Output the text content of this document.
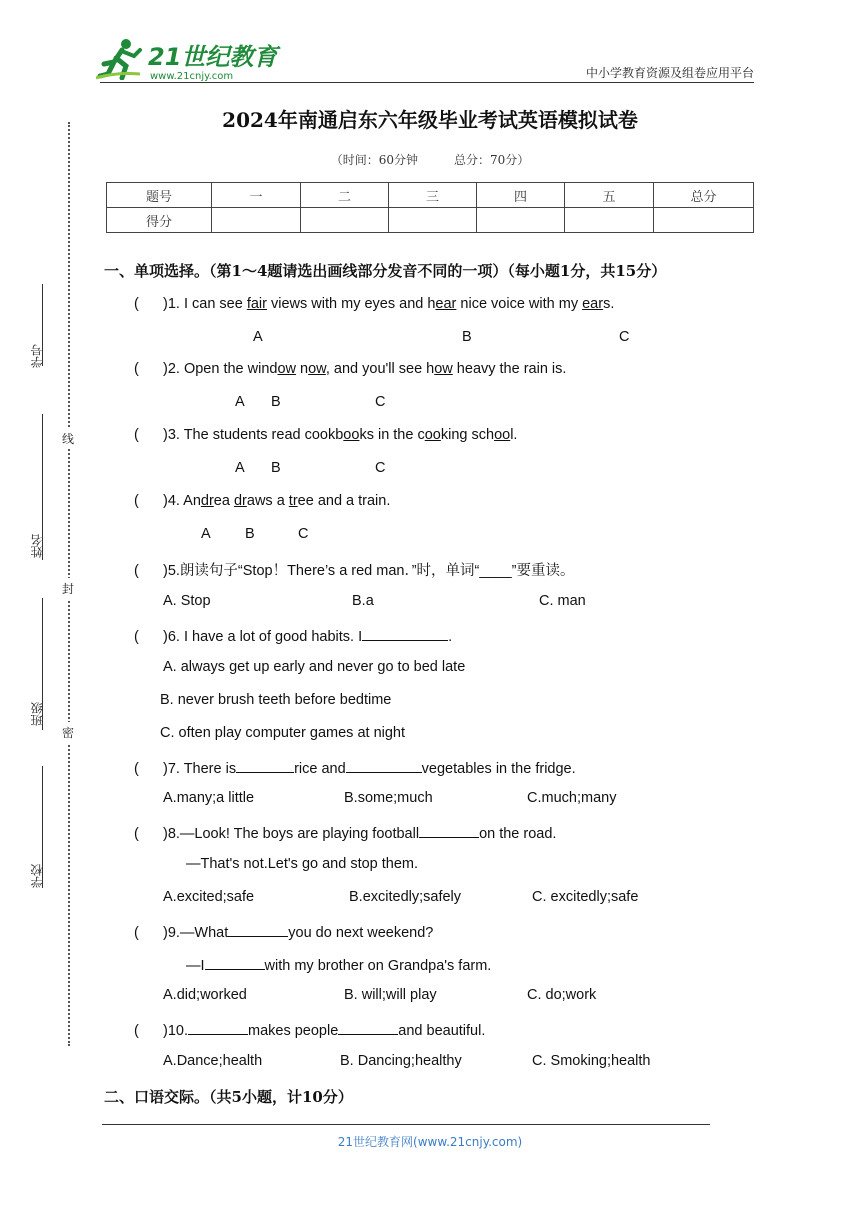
21世纪教育
www.21cnjy.com	中小学教育资源及组卷应用平台
2024年南通启东六年级毕业考试英语模拟试卷
（时间：60分钟	总分：70分）
题号	一	二	三	四	五	总分
得分						
线
封
密
学号
姓名
班级
学校
一、单项选择。（第1～4题请选出画线部分发音不同的一项）（每小题1分，共15分）
(      )1. I can see fair views with my eyes and hear nice voice with my ears.
A	B	C
(      )2. Open the window now, and you'll see how heavy the rain is.
A B	C
(      )3. The students read cookbooks in the cooking school.
A B	C
(      )4. Andrea draws a tree and a train.
A B	C
(      )5.朗读句子“Stop！There’s a red man．”时，单词“____”要重读。
A. Stop	B.a	C. man
(      )6. I have a lot of good habits. I	.
A. always get up early and never go to bed late
B. never brush teeth before bedtime
C. often play computer games at night
(      )7. There is	rice and	vegetables in the fridge.
A.many;a little	B.some;much	C.much;many
(      )8.—Look! The boys are playing football	on the road.
—That's not.Let's go and stop them.
A.excited;safe	B.excitedly;safely	C. excitedly;safe
(      )9.—What	you do next weekend?
—I	with my brother on Grandpa's farm.
A.did;worked	B. will;will play	C. do;work
(      )10.	makes people	and beautiful.
A.Dance;health	B. Dancing;healthy	C. Smoking;health
二、口语交际。（共5小题，计10分）
21世纪教育网(www.21cnjy.com)
